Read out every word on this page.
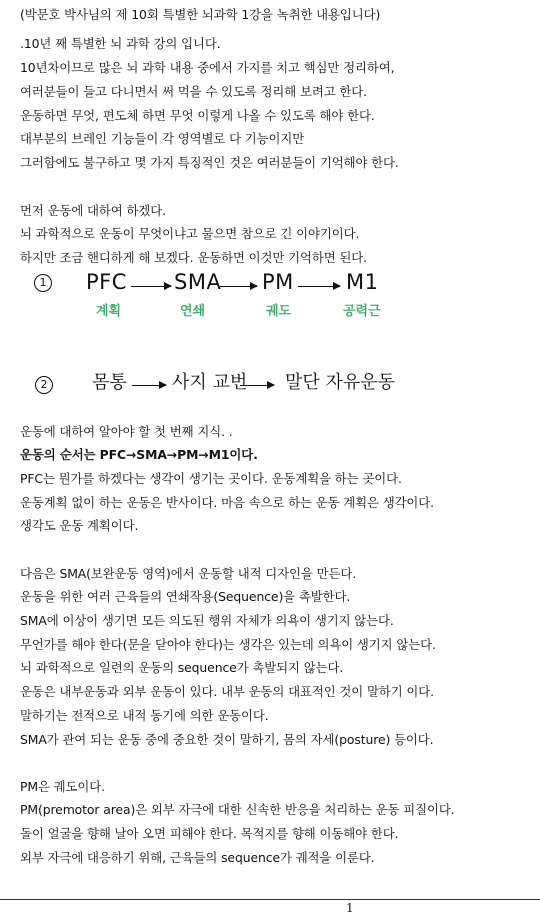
(박문호 박사님의 제 10회 특별한 뇌과학 1강을 녹취한 내용입니다)
.10년 째 특별한 뇌 과학 강의 입니다.
10년차이므로 많은 뇌 과학 내용 중에서 가지를 치고 핵심만 정리하여,
여러분들이 들고 다니면서 써 먹을 수 있도록 정리해 보려고 한다.
운동하면 무엇, 편도체 하면 무엇 이렇게 나올 수 있도록 해야 한다.
대부분의 브레인 기능들이 각 영역별로 다 기능이지만
그러함에도 불구하고 몇 가지 특징적인 것은 여러분들이 기억해야 한다.
먼저 운동에 대하여 하겠다.
뇌 과학적으로 운동이 무엇이냐고 물으면 참으로 긴 이야기이다.
하지만 조금 핸디하게 해 보겠다. 운동하면 이것만 기억하면 된다.
1 PFC SMA PM M1
계획	연쇄	궤도	공력근
2	몸통	사지 교번 말단 자유운동
운동에 대하여 알아야 할 첫 번째 지식. .
운동의 순서는 PFC→SMA→PM→M1이다.
PFC는 뭔가를 하겠다는 생각이 생기는 곳이다. 운동계획을 하는 곳이다.
운동계획 없이 하는 운동은 반사이다. 마음 속으로 하는 운동 계획은 생각이다.
생각도 운동 계획이다.
다음은 SMA(보완운동 영역)에서 운동할 내적 디자인을 만든다.
운동을 위한 여러 근육들의 연쇄작용(Sequence)을 촉발한다.
SMA에 이상이 생기면 모든 의도된 행위 자체가 의욕이 생기지 않는다.
무언가를 해야 한다(문을 닫아야 한다)는 생각은 있는데 의욕이 생기지 않는다.
뇌 과학적으로 일련의 운동의 sequence가 촉발되지 않는다.
운동은 내부운동과 외부 운동이 있다. 내부 운동의 대표적인 것이 말하기 이다.
말하기는 전적으로 내적 동기에 의한 운동이다.
SMA가 관여 되는 운동 중에 중요한 것이 말하기, 몸의 자세(posture) 등이다.
PM은 궤도이다.
PM(premotor area)은 외부 자극에 대한 신속한 반응을 처리하는 운동 피질이다.
돌이 얼굴을 향해 날아 오면 피해야 한다. 목적지를 향해 이동해야 한다.
외부 자극에 대응하기 위해, 근육들의 sequence가 궤적을 이룬다.
1
